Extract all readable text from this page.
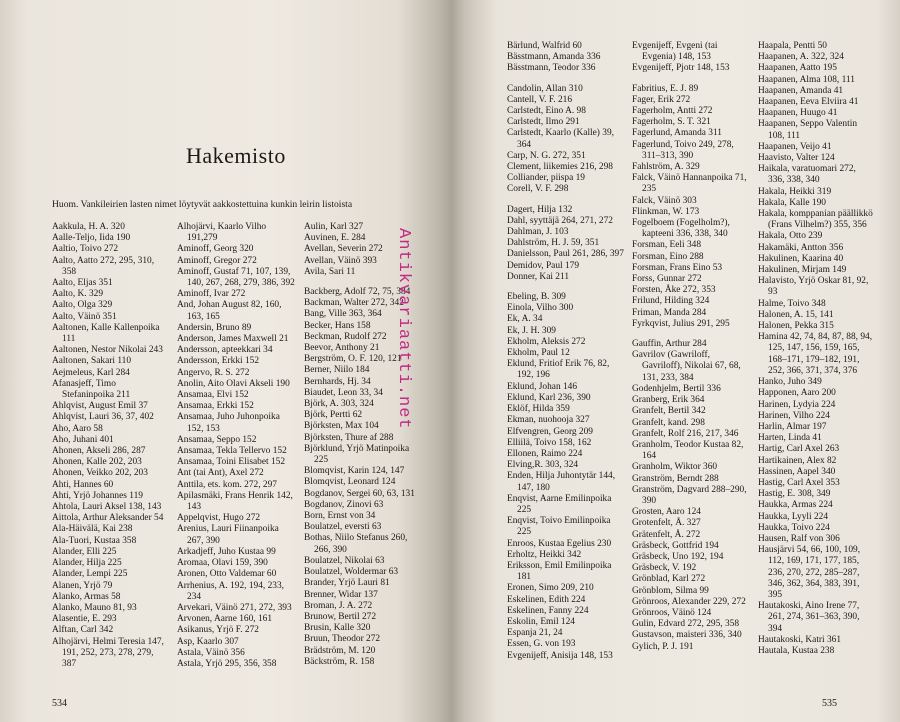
Hakemisto
Huom. Vankileirien lasten nimet löytyvät aakkostettuina kunkin leirin listoista
Aakkula, H. A. 320
Aalle-Teljo, Iida 190
Aaltio, Toivo 272
Aalto, Aatto 272, 295, 310, 358
Aalto, Eljas 351
Aalto, K. 329
Aalto, Olga 329
Aalto, Väinö 351
Aaltonen, Kalle Kallenpoika 111
Aaltonen, Nestor Nikolai 243
Aaltonen, Sakari 110
Aejmeleus, Karl 284
Afanasjeff, Timo Stefaninpoika 211
Ahlqvist, August Emil 37
Ahlqvist, Lauri 36, 37, 402
Aho, Aaro 58
Aho, Juhani 401
Ahonen, Akseli 286, 287
Ahonen, Kalle 202, 203
Ahonen, Veikko 202, 203
Ahti, Hannes 60
Ahti, Yrjö Johannes 119
Ahtola, Lauri Aksel 138, 143
Aittola, Arthur Aleksander 54
Ala-Häivälä, Kai 238
Ala-Tuori, Kustaa 358
Alander, Elli 225
Alander, Hilja 225
Alander, Lempi 225
Alanen, Yrjö 79
Alanko, Armas 58
Alanko, Mauno 81, 93
Alasentie, E. 293
Alftan, Carl 342
Alhojärvi, Helmi Teresia 147, 191, 252, 273, 278, 279, 387
Alhojärvi, Kaarlo Vilho 191,279
Aminoff, Georg 320
Aminoff, Gregor 272
Aminoff, Gustaf 71, 107, 139, 140, 267, 268, 279, 386, 392
Aminoff, Ivar 272
And, Johan August 82, 160, 163, 165
Andersin, Bruno 89
Anderson, James Maxwell 21
Andersson, apteekkari 34
Andersson, Erkki 152
Angervo, R. S. 272
Anolin, Aito Olavi Akseli 190
Ansamaa, Elvi 152
Ansamaa, Erkki 152
Ansamaa, Juho Juhonpoika 152, 153
Ansamaa, Seppo 152
Ansamaa, Tekla Tellervo 152
Ansamaa, Toini Elisabet 152
Ant (tai Ant), Axel 272
Anttila, ets. kom. 272, 297
Apilasmäki, Frans Henrik 142, 143
Appelqvist, Hugo 272
Arenius, Lauri Fiinanpoika 267, 390
Arkadjeff, Juho Kustaa 99
Aromaa, Olavi 159, 390
Aronen, Otto Valdemar 60
Arrhenius, A. 192, 194, 233, 234
Arvekari, Väinö 271, 272, 393
Arvonen, Aarne 160, 161
Asikanus, Yrjö F. 272
Asp, Kaarlo 307
Astala, Väinö 356
Astala, Yrjö 295, 356, 358
Aulin, Karl 327
Auvinen, E. 284
Avellan, Severin 272
Avellan, Väinö 393
Avila, Sari 11
Backberg, Adolf 72, 75, 384
Backman, Walter 272, 342
Bang, Ville 363, 364
Becker, Hans 158
Beckman, Rudolf 272
Beevor, Anthony 21
Bergström, O. F. 120, 121
Berner, Niilo 184
Bernhards, Hj. 34
Biaudet, Leon 33, 34
Björk, A. 303, 324
Björk, Pertti 62
Björksten, Max 104
Björksten, Thure af 288
Björklund, Yrjö Matinpoika 225
Blomqvist, Karin 124, 147
Blomqvist, Leonard 124
Bogdanov, Sergei 60, 63, 131
Bogdanov, Zinovi 63
Born, Ernst von 34
Boulatzel, eversti 63
Bothas, Niilo Stefanus 260, 266, 390
Boulatzel, Nikolai 63
Boulatzel, Woldermar 63
Brander, Yrjö Lauri 81
Brenner, Widar 137
Broman, J. A. 272
Brunow, Bertil 272
Brusin, Kalle 320
Bruun, Theodor 272
Brädström, M. 120
Bäckström, R. 158
Antikvariaatti.net
534
Bärlund, Walfrid 60
Bässtmann, Amanda 336
Bässtmann, Teodor 336
Candolin, Allan 310
Cantell, V. F. 216
Carlstedt, Eino A. 98
Carlstedt, Ilmo 291
Carlstedt, Kaarlo (Kalle) 39, 364
Carp, N. G. 272, 351
Clement, liikemies 216, 298
Colliander, piispa 19
Corell, V. F. 298
Dagert, Hilja 132
Dahl, syyttäjä 264, 271, 272
Dahlman, J. 103
Dahlström, H. J. 59, 351
Danielsson, Paul 261, 286, 397
Demidov, Paul 179
Donner, Kai 211
Ebeling, B. 309
Einola, Vilho 300
Ek, A. 34
Ek, J. H. 309
Ekholm, Aleksis 272
Ekholm, Paul 12
Eklund, Fritiof Erik 76, 82, 192, 196
Eklund, Johan 146
Eklund, Karl 236, 390
Eklöf, Hilda 359
Ekman, nuohooja 327
Elfvengren, Georg 209
Elliilä, Toivo 158, 162
Ellonen, Raimo 224
Elving,R. 303, 324
Enden, Hilja Juhontytär 144, 147, 180
Enqvist, Aarne Emilinpoika 225
Enqvist, Toivo Emilinpoika 225
Enroos, Kustaa Egelius 230
Erholtz, Heikki 342
Eriksson, Emil Emilinpoika 181
Eronen, Simo 209, 210
Eskelinen, Edith 224
Eskelinen, Fanny 224
Eskolin, Emil 124
Espanja 21, 24
Essen, G. von 193
Evgenijeff, Anisija 148, 153
Evgenijeff, Evgeni (tai Evgenia) 148, 153
Evgenijeff, Pjotr 148, 153
Fabritius, E. J. 89
Fager, Erik 272
Fagerholm, Antti 272
Fagerholm, S. T. 321
Fagerlund, Amanda 311
Fagerlund, Toivo 249, 278, 311–313, 390
Fahlström, A. 329
Falck, Väinö Hannanpoika 71, 235
Falck, Väinö 303
Flinkman, W. 173
Fogelboem (Fogelholm?), kapteeni 336, 338, 340
Forsman, Eeli 348
Forsman, Eino 288
Forsman, Frans Eino 53
Forss, Gunnar 272
Forsten, Åke 272, 353
Frilund, Hilding 324
Friman, Manda 284
Fyrkqvist, Julius 291, 295
Gauffin, Arthur 284
Gavrilov (Gawriloff, Gavriloff), Nikolai 67, 68, 131, 233, 384
Godenhjelm, Bertil 336
Granberg, Erik 364
Granfelt, Bertil 342
Granfelt, kand. 298
Granfelt, Rolf 216, 217, 346
Granholm, Teodor Kustaa 82, 164
Granholm, Wiktor 360
Granström, Berndt 288
Granström, Dagvard 288–290, 390
Grosten, Aaro 124
Grotenfelt, Å. 327
Grätenfelt, Å. 272
Gräsbeck, Gottfrid 194
Gräsbeck, Uno 192, 194
Gräsbeck, V. 192
Grönblad, Karl 272
Grönblom, Silma 99
Grönroos, Alexander 229, 272
Grönroos, Väinö 124
Gulin, Edvard 272, 295, 358
Gustavson, maisteri 336, 340
Gylich, P. J. 191
Haapala, Pentti 50
Haapanen, A. 322, 324
Haapanen, Aatto 195
Haapanen, Alma 108, 111
Haapanen, Amanda 41
Haapanen, Eeva Elviira 41
Haapanen, Huugo 41
Haapanen, Seppo Valentin 108, 111
Haapanen, Veijo 41
Haavisto, Valter 124
Haikala, varatuomari 272, 336, 338, 340
Hakala, Heikki 319
Hakala, Kalle 190
Hakala, komppanian päällikkö (Frans Vilhelm?) 355, 356
Hakala, Otto 239
Hakamäki, Antton 356
Hakulinen, Kaarina 40
Hakulinen, Mirjam 149
Halavisto, Yrjö Oskar 81, 92, 93
Halme, Toivo 348
Halonen, A. 15, 141
Halonen, Pekka 315
Hamina 42, 74, 84, 87, 88, 94, 125, 147, 156, 159, 165, 168–171, 179–182, 191, 252, 366, 371, 374, 376
Hanko, Juho 349
Happonen, Aaro 200
Harinen, Lydyia 224
Harinen, Vilho 224
Harlin, Almar 197
Harten, Linda 41
Hartig, Carl Axel 263
Hartikainen, Alex 82
Hassinen, Aapel 340
Hastig, Carl Axel 353
Hastig, E. 308, 349
Haukka, Armas 224
Haukka, Lyyli 224
Haukka, Toivo 224
Hausen, Ralf von 306
Hausjärvi 54, 66, 100, 109, 112, 169, 171, 177, 185, 236, 270, 272, 285–287, 346, 362, 364, 383, 391, 395
Hautakoski, Aino Irene 77, 261, 274, 361–363, 390, 394
Hautakoski, Katri 361
Hautala, Kustaa 238
535
